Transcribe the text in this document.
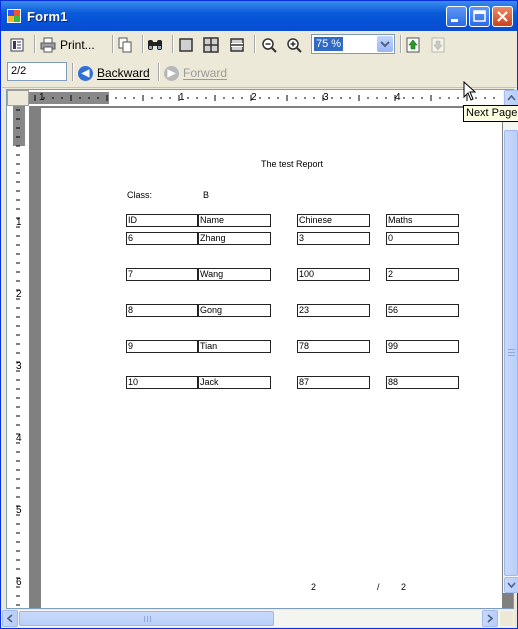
Form1
Print...	75 %
2/2	◀ Backward	▶ Forward
1	1	2	3	4
1
2
3
4
5
6
The test Report
Class:	B
ID	Name	Chinese	Maths
6	Zhang	3	0
7	Wang	100	2
8	Gong	23	56
9	Tian	78	99
10	Jack	87	88
2	/ 2
Next Page
